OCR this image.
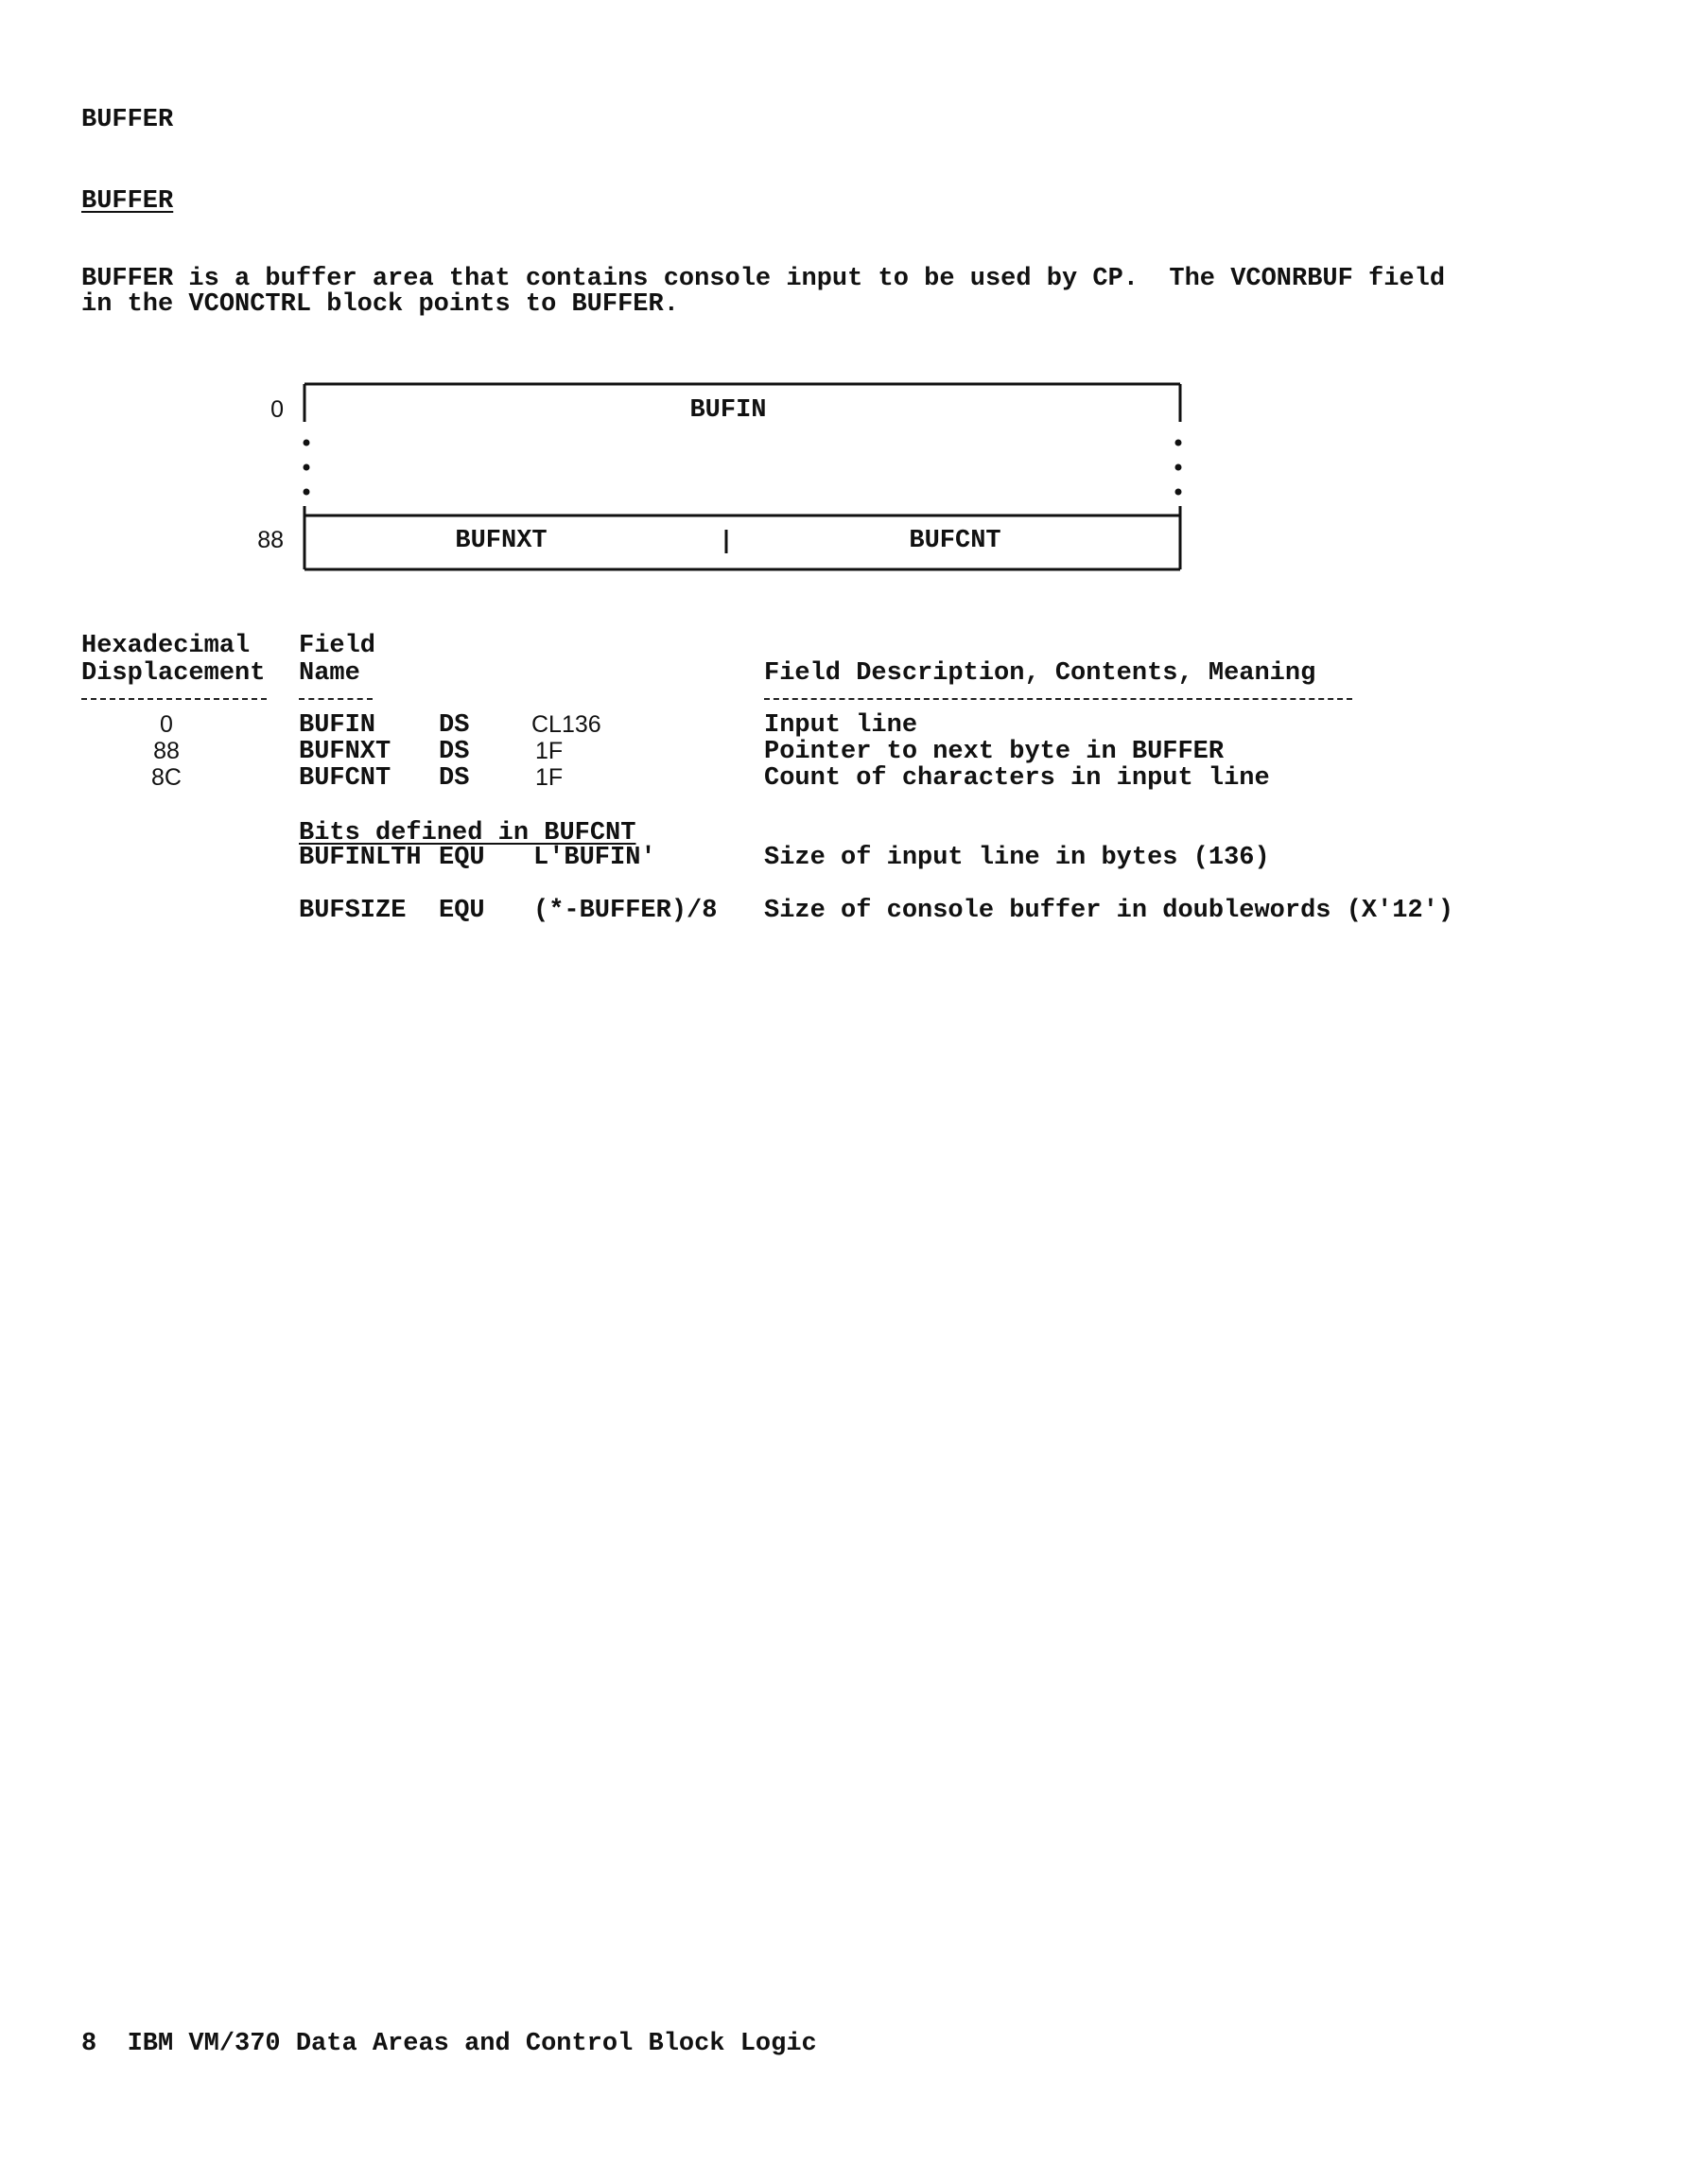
BUFFER
BUFFER
BUFFER is a buffer area that contains console input to be used by CP.  The VCONRBUF field
in the VCONCTRL block points to BUFFER.
0	BUFIN
88	BUFNXT	BUFCNT
Hexadecimal
Displacement
Field
Name	Field Description, Contents, Meaning
0	BUFIN DS	CL136	Input line
88	BUFNXT DS	1F	Pointer to next byte in BUFFER
8C	BUFCNT DS	1F	Count of characters in input line
Bits defined in BUFCNT
BUFINLTH EQU L'BUFIN'	Size of input line in bytes (136)
BUFSIZE EQU (*-BUFFER)/8 Size of console buffer in doublewords (X'12')
8  IBM VM/370 Data Areas and Control Block Logic
